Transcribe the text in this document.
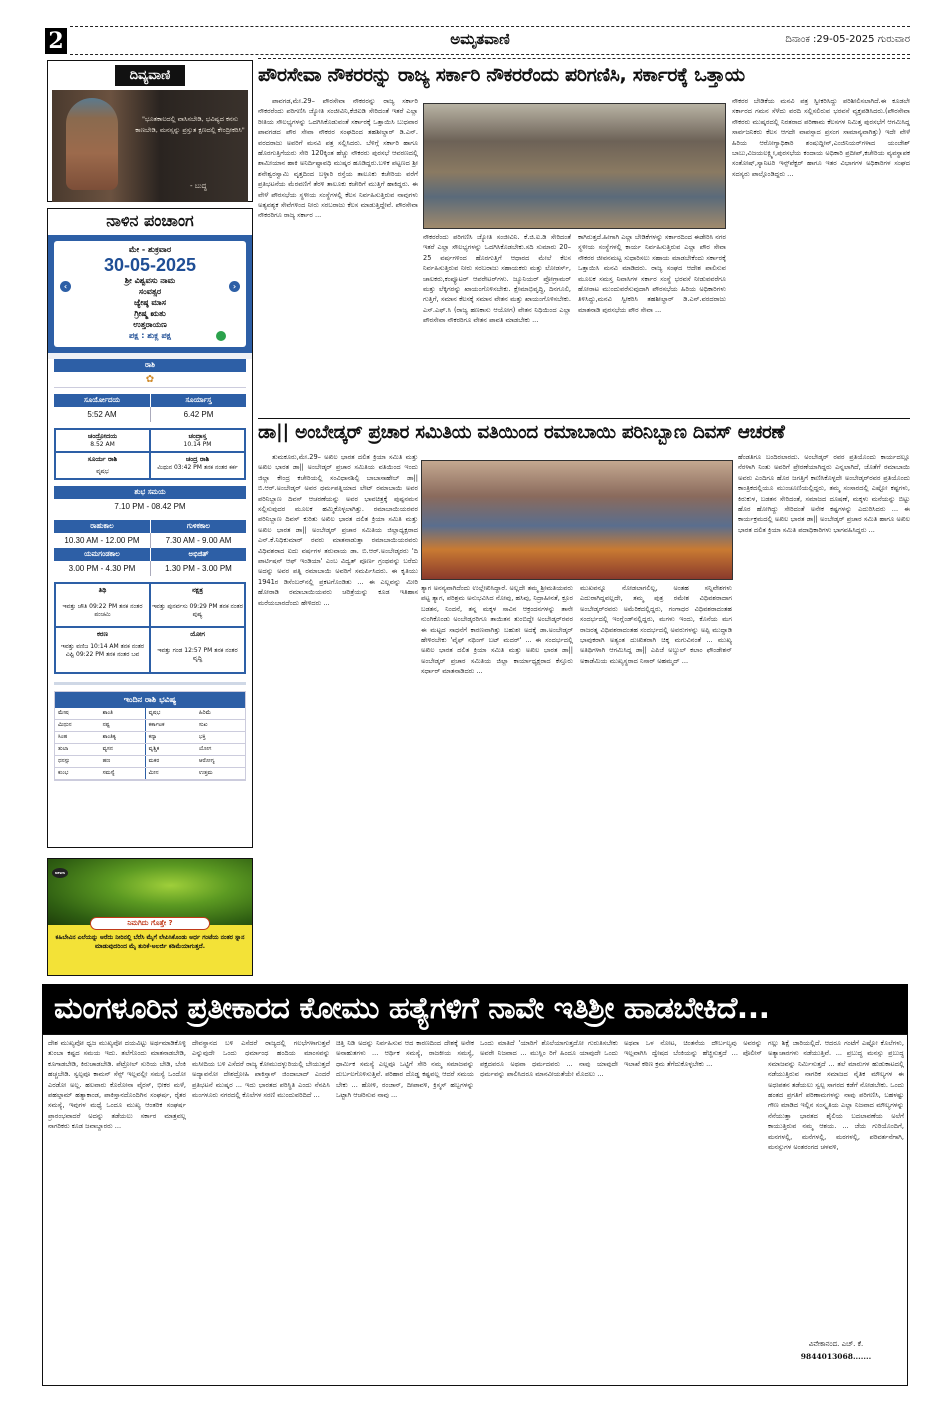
2	ಅಮೃತವಾಣಿ	ದಿನಾಂಕ :29-05-2025 ಗುರುವಾರ
ದಿವ್ಯವಾಣಿ
"ಭೂತಕಾಲದಲ್ಲಿ ವಾಸಿಸಬೇಡಿ, ಭವಿಷ್ಯದ ಕನಸು ಕಾಣಬೇಡಿ, ಮನಸ್ಸನ್ನು ಪ್ರಸ್ತುತ ಕ್ಷಣದಲ್ಲಿ ಕೇಂದ್ರೀಕರಿಸಿ"
- ಬುದ್ಧ
ನಾಳಿನ ಪಂಚಾಂಗ
ಮೇ - ಶುಕ್ರವಾರ
30-05-2025
ಶ್ರೀ ವಿಶ್ವವಸು ನಾಮ
ಸಂವತ್ಸರ
ಜ್ಯೇಷ್ಠ ಮಾಸ
ಗ್ರೀಷ್ಮ ಋತು
ಉತ್ತರಾಯಣ
ಪಕ್ಷ : ಶುಕ್ಲ ಪಕ್ಷ
‹	›
ರಾಶಿ
✿
ಸೂರ್ಯೋದಯ	ಸೂರ್ಯಾಸ್ತ
5:52 AM	6.42 PM
ಚಂದ್ರೋದಯ
8.52 AM
ಚಂದ್ರಾಸ್ತ
10.14 PM
ಸೂರ್ಯ ರಾಶಿ
ವೃಷಭ
ಚಂದ್ರ ರಾಶಿ
ಮಿಥುನ 03:42 PM ತನಕ ನಂತರ ಕರ್ಕ
ಶುಭ ಸಮಯ
7.10 PM - 08.42 PM
ರಾಹುಕಾಲ	ಗುಳಿಕಕಾಲ
10.30 AM - 12.00 PM	7.30 AM - 9.00 AM
ಯಮಗಂಡಕಾಲ	ಅಭಿಜಿತ್
3.00 PM - 4.30 PM	1.30 PM - 3.00 PM
ತಿಥಿ
ಇವತ್ತು ಚೌತಿ 09:22 PM ತನಕ ನಂತರ ಪಂಚಮಿ
ನಕ್ಷತ್ರ
ಇವತ್ತು ಪುನರ್ವಸು 09:29 PM ತನಕ ನಂತರ ಪುಷ್ಯ
ಕರಣ
ಇವತ್ತು ವಣಿಜ 10:14 AM ತನಕ ನಂತರ ವಿಷ್ಟಿ 09:22 PM ತನಕ ನಂತರ ಬವ
ಯೋಗ
ಇವತ್ತು ಗಂಡ 12:57 PM ತನಕ ನಂತರ ವೃದ್ಧಿ
ಇಂದಿನ ರಾಶಿ ಭವಿಷ್ಯ
ಮೇಷ	ಶಾಂತಿ	ವೃಷಭ	ಹಿರಿಮೆ
ಮಿಥುನ	ನಷ್ಟ	ಕರ್ಕಾಟಕ	ಸುಖ
ಸಿಂಹ	ಶಾಂತಿಕ್ಯ	ಕನ್ಯಾ	ಭಕ್ತಿ
ತುಲಾ	ವ್ಯಸನ	ವೃಶ್ಚಿಕ	ಯೋಗ
ಧನಸ್ಸು	ಹಣ	ಮಕರ	ಆರೋಗ್ಯ
ಕುಂಭ	ಸಮಸ್ಯೆ	ಮೀನ	ಉತ್ತಮ
NEWS
ನಿಮಗಿದು ಗೊತ್ತೇ ?
ಕಹಿಬೇವಿನ ಎಲೆಯನ್ನು ಅರೆದು ನೀರಿನಲ್ಲಿ ಬೆರೆಸಿ ಮೈಗೆ ಲೇಪಿಸಿಕೊಂಡು ಅರ್ಧ ಗಂಟೆಯ ನಂತರ ಸ್ನಾನ ಮಾಡುವುದರಿಂದ ಮೈ ತುರಿಕೆ-ಅಲರ್ಜಿ ಕಡಿಮೆಯಾಗುತ್ತದೆ.
ಪೌರಸೇವಾ ನೌಕರರನ್ನು ರಾಜ್ಯ ಸರ್ಕಾರಿ ನೌಕರರೆಂದು ಪರಿಗಣಿಸಿ, ಸರ್ಕಾರಕ್ಕೆ ಒತ್ತಾಯ

ಪಾವಗಡ,ಮೇ.29– ಪೌರಸೇವಾ ನೌಕರರನ್ನು ರಾಜ್ಯ ಸರ್ಕಾರಿ ನೌಕರರೆಂದು ಪರಿಗಣಿಸಿ ಜ್ಯೋತಿ ಸಂಜೀವಿನಿ,ಕೆಜಿಐಡಿ ಸೇರಿದಂತೆ ಇತರೆ ಎಲ್ಲಾ ರೀತಿಯ ಸೌಲಭ್ಯಗಳನ್ನು ಒದಗಿಸಿಕೊಡುವಂತೆ ಸರ್ಕಾರಕ್ಕೆ ಒತ್ತಾಯಿಸಿ ಬುಧವಾರ ಪಾವಗಡದ ಪೌರ ಸೇವಾ ನೌಕರರ ಸಂಘದಿಂದ ತಹಶೀಲ್ದಾರ್ ಡಿ.ಎನ್. ವರದರಾಜು ಅವರಿಗೆ ಮನವಿ ಪತ್ರ ಸಲ್ಲಿಸಿದರು. ಬೆಳಿಗ್ಗೆ ಸರ್ಕಾರಿ ಹಾಗೂ ಹೊರಗುತ್ತಿಗೆಯರು ಸೇರಿ 120ಕ್ಕಿಂತ ಹೆಚ್ಚು ನೌಕರರು ಪುರಸಭೆ ಆವರಣದಲ್ಲಿ ಶಾಮೀಯಾನ ಹಾಕಿ ಅನಿರ್ದಿಷ್ಟಾವಧಿ ಮುಷ್ಕರ ಹೂಡಿದ್ದರು.ಬಳಿಕ ಪಟ್ಟಣದ ಶ್ರೀ ಶನೇಶ್ವರಸ್ವಾಮಿ ವೃತ್ತದಿಂದ ಬಳ್ಳಾರಿ ರಸ್ತೆಯ ತಾಲೂಕು ಕಚೇರಿಯ ವರೆಗೆ ಪ್ರತಿಭಟನೆಯ ಮೆರವಣಿಗೆ ತೆರಳಿ ತಾಲೂಕು ಕಚೇರಿಗೆ ಮುತ್ತಿಗೆ ಹಾಕಿದ್ದರು. ಈ ವೇಳೆ ಪೌರಸಭೆಯ ಸ್ಥಳೀಯ ಸಂಸ್ಥೆಗಳಲ್ಲಿ ಕೆಲಸ ನಿರ್ವಹಿಸುತ್ತಿರುವ ನಾವುಗಳು ಅತ್ಯವಶ್ಯಕ ಸೇವೆಗಳಿಂದ ನೀರು ಸರಬರಾಜು ಕೆಲಸ ಮಾಡುತ್ತಿದ್ದೇವೆ. ಪೌರಸೇವಾ ನೌಕರರಿಗೂ ರಾಜ್ಯ ಸರ್ಕಾರ ...

ನೌಕರರೆಂದು ಪರಿಗಣಿಸಿ ಜ್ಯೋತಿ ಸಂಜೀವಿನಿ. ಕೆ.ಜಿ.ಐ.ಡಿ ಸೇರಿದಂತೆ ಇತರೆ ಎಲ್ಲಾ ಸೌಲಭ್ಯಗಳನ್ನು ಒದಗಿಸಿಕೊಡಬೇಕು.ಸದಿ ಸುಮಾರು 20–25 ವರ್ಷಗಳಿಂದ ಹೊರಗುತ್ತಿಗೆ ಆಧಾರದ ಮೇಲೆ ಕೆಲಸ ನಿರ್ವಹಿಸುತ್ತಿರುವ ನೀರು ಸರಬರಾಜು ಸಹಾಯಕರು ಮತ್ತು ಲೋಡರ್ಸ್, ಚಾಲಕರು,ಕಂಪ್ಯೂಟರ್ ಆಪರೇಟರ್‌ಗಳು. ಜ್ಯೂನಿಯರ್ ಪ್ರೋಗ್ರಾಮರ್ ಮತ್ತು ಲೆಕ್ಕಿಗರನ್ನು ಖಾಯಂಗೊಳಿಸಬೇಕು. ಕ್ಷೇಮಾಭಿವೃದ್ಧಿ, ದಿನಗೂಲಿ, ಗುತ್ತಿಗೆ, ಸಮಾನ ಕೆಲಸಕ್ಕೆ ಸಮಾನ ವೇತನ ಮತ್ತು ಖಾಯಂಗೊಳಿಸಬೇಕು. ಎಸ್.ಎಫ್.ಸಿ (ರಾಜ್ಯ ಹಣಕಾಸು ಆಯೋಗ) ವೇತನ ನಿಧಿಯಿಂದ ಎಲ್ಲಾ ಪೌರಸೇವಾ ನೌಕರರಿಗೂ ವೇತನ ಪಾವತಿ ಮಾಡಬೇಕು ...

ಕಾಗಿರುತ್ತದೆ.ಹೀಗಾಗಿ ಎಲ್ಲಾ ಬೇಡಿಕೆಗಳನ್ನು ಸರ್ಕಾರದಿಂದ ಈಡೇರಿಸಿ ನಗರ ಸ್ಥಳೀಯ ಸಂಸ್ಥೆಗಳಲ್ಲಿ ಕಾರ್ಯ ನಿರ್ವಹಿಸುತ್ತಿರುವ ಎಲ್ಲಾ ಪೌರ ಸೇವಾ ನೌಕರರ ಜೀವನಮಟ್ಟ ಸುಧಾರಿಸಲು ಸಹಾಯ ಮಾಡಬೇಕೆಂದು ಸರ್ಕಾರಕ್ಕೆ ಒತ್ತಾಯಿಸಿ ಮನವಿ ಮಾಡಿದರು. ರಾಜ್ಯ ಸಂಘದ ಆದೇಶ ಪಾಲಿಸುವ ಮೂಲಕ ಸಮಸ್ತ ನಿವಾಸಿಗಳ ಸರ್ಕಾರ ಸಂಸ್ಥೆ ಭರವಸೆ ನೀಡುವವರೆಗೂ ಹೋರಾಟ ಮುಂದುವರೆಸುವುದಾಗಿ ಪೌರಸಭೆಯ ಹಿರಿಯ ಅಧಿಕಾರಿಗಳು ತಿಳಿಸಿದ್ದು,ಮನವಿ ಸ್ವೀಕರಿಸಿ ತಹಶೀಲ್ದಾರ್ ಡಿ.ಎನ್.ವರದರಾಜು ಮಾತನಾಡಿ ಪುರಸಭೆಯ ಪೌರ ಸೇವಾ ...

ನೌಕರರ ಬೇಡಿಕೆಯ ಮನವಿ ಪತ್ರ ಸ್ವೀಕರಿಸಿದ್ದು ಪರಿಶೀಲಿಸಲಾಗಿದೆ.ಈ ಕೂಡಲೇ ಸರ್ಕಾರದ ಗಮನ ಸೆಳೆದು ವರದಿ ಸಲ್ಲಿಸಲಿರುವ ಭರವಸೆ ವ್ಯಕ್ತಪಡಿಸಿದರು.(ಪೌರಸೇವಾ ನೌಕರರು ಮುಷ್ಕರದಲ್ಲಿ ನಿರತರಾದ ಪರಿಣಾಮ ಕೆಲಸಗಳ ನಿಮಿತ್ತ ಪುರಸಭೆಗೆ ಆಗಮಿಸಿದ್ದ ಸಾರ್ವಜನಿಕರು ಕೆಲಸ ಆಗದೇ ವಾಪಸ್ಸಾದ ಪ್ರಸಂಗ ಸಾಮಾನ್ಯವಾಗಿತ್ತು) ಇದೇ ವೇಳೆ ಹಿರಿಯ ಆರೋಗ್ಯಾಧಿಕಾರಿ ಶಂಷುದ್ದೀನ್,ಎಂಜಿನಿಯರ್‌ಗಳಾದ ಯಂಜೇಶ್ ಬಾಬು,ವಿಜಯಲಕ್ಷ್ಮೀ,ಪುರಸಭೆಯ ಕಂದಾಯ ಅಧಿಕಾರಿ ಪ್ರದೀಪ್,ಕಚೇರಿಯ ವ್ಯವಸ್ಥಾಪಕ ಸಂತೋಷ್,ಸ್ಯಾನಿಟರಿ ಇನ್ಸ್‌ಪೆಕ್ಟರ್ ಹಾಗೂ ಇತರ ವಿಭಾಗಗಳ ಅಧಿಕಾರಿಗಳ ಸಂಘದ ಸದಸ್ಯರು ಪಾಲ್ಗೊಂಡಿದ್ದರು ...

ಡಾ|| ಅಂಬೇಡ್ಕರ್ ಪ್ರಚಾರ ಸಮಿತಿಯ ವತಿಯಿಂದ ರಮಾಬಾಯಿ ಪರಿನಿಬ್ಬಾಣ ದಿವಸ್ ಆಚರಣೆ

ತುಮಕೂರು,ಮೇ.29– ಅಖಿಲ ಭಾರತ ದಲಿತ ಕ್ರಿಯಾ ಸಮಿತಿ ಮತ್ತು ಅಖಿಲ ಭಾರತ ಡಾ|| ಅಂಬೇಡ್ಕರ್ ಪ್ರಚಾರ ಸಮಿತಿಯ ವತಿಯಿಂದ ಇಂದು ಜಿಲ್ಲಾ ಕೇಂದ್ರ ಕಚೇರಿಯಲ್ಲಿ ಸಂವಿಧಾನಶಿಲ್ಪಿ ಬಾಬಾಸಾಹೇಬ್ ಡಾ|| ಬಿ.ಆರ್.ಅಂಬೇಡ್ಕರ್ ಅವರ ಧರ್ಮಪತ್ನಿಯಾದ ಲೇಟ್ ರಮಾಬಾಯಿ ಅವರ ಪರಿನಿಬ್ಬಾಣ ದಿವಸ್ ಆಚರಣೆಯನ್ನು ಅವರ ಭಾವಚಿತ್ರಕ್ಕೆ ಪುಷ್ಪನಮನ ಸಲ್ಲಿಸುವುದರ ಮೂಲಕ ಹಮ್ಮಿಕೊಳ್ಳಲಾಗಿತ್ತು. ರಮಾಬಾಯಿಯರವರ ಪರಿನಿಬ್ಬಾಣ ದಿವಸ್ ಕುರಿತು ಅಖಿಲ ಭಾರತ ದಲಿತ ಕ್ರಿಯಾ ಸಮಿತಿ ಮತ್ತು ಅಖಿಲ ಭಾರತ ಡಾ|| ಅಂಬೇಡ್ಕರ್ ಪ್ರಚಾರ ಸಮಿತಿಯ ಜಿಲ್ಲಾಧ್ಯಕ್ಷರಾದ ಎನ್.ಕೆ.ನಿಧಿಕುಮಾರ್ ರವರು ಮಾತನಾಡುತ್ತಾ ರಮಾಬಾಯಿಯರವರು ವಿಧಿವಶರಾದ ಐದು ವರ್ಷಗಳ ತರುವಾಯ ಡಾ. ಬಿ.ಆರ್.ಅಂಬೇಡ್ಕರರು 'ದಿ ಪಾರ್ಟಿಷನ್ ಆಫ್ ಇಂಡಿಯಾ' ಎಂಬ ವಿದ್ವತ್ ಪೂರ್ಣ ಗ್ರಂಥವನ್ನು ಬರೆದು ಅದನ್ನು ಅವರ ಪತ್ನಿ ರಮಾಬಾಯಿ ಅವರಿಗೆ ಸಮರ್ಪಿಸಿದರು. ಈ ಕೃತಿಯು 1941ರ ಡಿಸೆಂಬರ್‌ನಲ್ಲಿ ಪ್ರಕಟಗೊಂಡಿತು ... ಈ ಎಲ್ಲವನ್ನು ಮೀರಿ ಹೋರಾಡಿ ರಮಾಬಾಯಿಯವರು ಚರಿತ್ರೆಯನ್ನು ಕೂಡ ಇತಿಹಾಸ ಮರೆಯಬಾರದೆಂದು ಹೇಳಿದರು ...

ತ್ಯಾಗ ಅನನ್ಯವಾಗಿದೆಂದು ಉಲ್ಲೇಖಿಸಿದ್ದಾರೆ. ಅಲ್ಲದೇ ತಮ್ಮ ಶ್ರೀಮತಿಯವರು ಪಟ್ಟ ತ್ಯಾಗ, ಪರಿಶ್ರಮ ಅನುಭವಿಸಿದ ನೋವು, ಹಸಿವು, ನಿದ್ರಾಹೀನತೆ, ಕ್ರೂರ ಬಡತನ, ನಿಂದನೆ, ತನ್ನ ಮಕ್ಕಳ ಸಾವಿನ ಆಕ್ರಂದನಗಳನ್ನು ತಾನೇ ನುಂಗಿಕೊಂಡು ಅಂಬೇಡ್ಕರರಿಗೂ ತಾಯಿತನ ತುಂಬಿದ್ದೇ ಅಂಬೇಡ್ಕರ್‌ರವರ ಈ ಮಟ್ಟದ ಸಾಧನೆಗೆ ಕಾರಣವಾಗಿತ್ತು ಬಹುಶಃ ಅದಕ್ಕೆ ಡಾ.ಅಂಬೇಡ್ಕರ್ ಹೇಳಿರಬೇಕು 'ವೈಫ್ ನಥಿಂಗ್ ಬಟ್ ಮದರ್' ... ಈ ಸಂದರ್ಭದಲ್ಲಿ ಅಖಿಲ ಭಾರತ ದಲಿತ ಕ್ರಿಯಾ ಸಮಿತಿ ಮತ್ತು ಅಖಿಲ ಭಾರತ ಡಾ|| ಅಂಬೇಡ್ಕರ್ ಪ್ರಚಾರ ಸಮಿತಿಯ ಜಿಲ್ಲಾ ಕಾರ್ಯಾಧ್ಯಕ್ಷರಾದ ಕೆಸ್ತೂರು ಸರ್ಧಾರ್ ಮಾತನಾಡಿದರು ...

ಮುಖವನ್ನೂ ನೋಡಲಾಗಲಿಲ್ಲ, ಅಂತಹ ಸನ್ನಿವೇಶಗಳು ಎದುರಾಗಿದ್ದವಲ್ಲದೇ, ತಮ್ಮ ಪುತ್ರ ರಮೇಶ ವಿಧಿವಶರಾದಾಗ ಅಂಬೇಡ್ಕರ್‌ರವರು ಅಮೆರಿಕದಲ್ಲಿದ್ದರು, ಗಂಗಾಧರ ವಿಧಿವಶರಾದಂತಹ ಸಂದರ್ಭದಲ್ಲಿ ಇಂಗ್ಲೆಂಡ್‌ನಲ್ಲಿದ್ದರು, ಮಗಳು ಇಂದು, ಕೊನೆಯ ಮಗ ರಾಜರತ್ನ ವಿಧಿವಶರಾದಂತಹ ಸಂದರ್ಭದಲ್ಲಿ ಅವರುಗಳನ್ನು ಅಪ್ಪಿ ಮುದ್ದಾಡಿ ಭಾವುಕರಾಗಿ ಅತ್ಯಂತ ದುಃಖಿತರಾಗಿ ಚಿಕ್ಕ ಮಗುವಿನಂತೆ ... ಮುಖ್ಯ ಅತಿಥಿಗಳಾಗಿ ಆಗಮಿಸಿದ್ದ ಡಾ|| ಎಪಿಜೆ ಅಬ್ದುಲ್ ಕಲಾಂ ಫೌಂಡೇಶನ್ ಅಕಾಡೆಮಿಯ ಮುಖ್ಯಸ್ಥರಾದ ನಿಸಾರ್ ಅಹಮ್ಮದ್ ...

ಹೆಂಡತಿಗೂ ಬಂದಿರಲಾರದು. ಅಂಬೇಡ್ಕರ್ ರವರ ಪ್ರತಿಯೊಂದು ಕಾರ್ಯದಲ್ಲೂ ನೆರಳಾಗಿ ನಿಂತು ಅವರಿಗೆ ಪ್ರೇರಣೆಯಾಗಿದ್ದರು ಎನ್ನಲಾಗಿದೆ, ಜೊತೆಗೆ ರಮಾಬಾಯಿ ಅವರು ಎಂದಿಗೂ ಹೊರ ಜಗತ್ತಿಗೆ ಕಾಣಿಸಿಕೊಳ್ಳದೇ ಅಂಬೇಡ್ಕರ್‌ರವರ ಪ್ರತಿಯೊಂದು ಕಾಂತ್ರಿಕದಲ್ಲಿಯೂ ಮುಂಚೂಣಿಯಲ್ಲಿದ್ದರು, ತಮ್ಮ ಸಂಸಾರದಲ್ಲಿ ಎಷ್ಟೋ ಕಷ್ಟಗಳು, ಕಿರುಕುಳ, ಬಡತನ ಸೇರಿದಂತೆ, ಸಮಾಜದ ದೂಷಣೆ, ಮಕ್ಕಳು ಮನೆಯನ್ನು ಬಿಟ್ಟು ಹೊರ ಹೋಗಿದ್ದು ಸೇರಿದಂತೆ ಅನೇಕ ಕಷ್ಟಗಳನ್ನು ಎದುರಿಸಿದರು ... ಈ ಕಾರ್ಯಕ್ರಮದಲ್ಲಿ ಅಖಿಲ ಭಾರತ ಡಾ|| ಅಂಬೇಡ್ಕರ್ ಪ್ರಚಾರ ಸಮಿತಿ ಹಾಗೂ ಅಖಿಲ ಭಾರತ ದಲಿತ ಕ್ರಿಯಾ ಸಮಿತಿ ಪದಾಧಿಕಾರಿಗಳು ಭಾಗವಹಿಸಿದ್ದರು ...

ಮಂಗಳೂರಿನ ಪ್ರತೀಕಾರದ ಕೋಮು ಹತ್ಯೆಗಳಿಗೆ ನಾವೇ ಇತಿಶ್ರೀ ಹಾಡಬೇಕಿದೆ...

ದೇಶ ಮುಖ್ಯವೋ ಧ್ವಜ ಮುಖ್ಯವೋ ದಯವಿಟ್ಟು ಅರ್ಥಮಾಡಿಕೊಳ್ಳಿ ತುಂಬಾ ಕಷ್ಟದ ಸಮಯ ಇದು. ತಲೆಗೊಂದು ಮಾತನಾಡಬೇಡಿ, ಕೂಗಾಡಬೇಡಿ, ಕಿರುಚಾಡಬೇಡಿ. ಪೆಟ್ರೋಲ್ ಸುರಿಯ ಬೇಡಿ, ಬೆಂಕಿ ಹಚ್ಚಬೇಡಿ. ಸ್ವಲ್ಪವೂ ಕಾಮನ್ ಸೆನ್ಸ್ ಇಲ್ಲವಲ್ಲೀ ಸಮಸ್ಯೆ ಒಂದೋ ಎರಡೋ ಅಲ್ಲ. ಹಲವಾರು ಕೊರೋನಾ ವೈರಸ್, ಭೀಕರ ಮಳೆ, ಪಹಲ್ಗಾಮ್ ಹತ್ಯಾಕಾಂಡ, ಪಾಕಿಸ್ತಾನದೊಂದಿಗಿನ ಸಂಘರ್ಷ, ರೈತರ ಸಮಸ್ಯೆ, ಇವುಗಳ ಮಧ್ಯೆ ಒಂದೂ ಮುಖ್ಯ ಆಂತರಿಕ ಸಂಘರ್ಷ ಪ್ರಾರಂಭವಾದರೆ ಅದನ್ನು ತಡೆಯಲು ಸರ್ಕಾರ ಮಾತ್ರವಲ್ಲ ನಾಗರಿಕರು ಕೂಡ ಜವಾಬ್ದಾರರು ...

ದೇವಸ್ಥಾನದ ಬಳಿ ಎಸೆದರೆ ರಾಜ್ಯದಲ್ಲಿ ಗಲಭೆಗಳಾಗುತ್ತವೆ ಎನ್ನುವುದೇ ಒಂದು ಧರ್ಮಾಂಧ ಹಂದಿಯ ಮಾಂಸವನ್ನು ಮಸೀದಿಯ ಬಳಿ ಎಸೆದರೆ ರಾಜ್ಯ ಕೋಮುದಳ್ಳುರಿಯಲ್ಲಿ ಬೇಯುತ್ತದೆ ಅದ್ಯಾವನೋ ದೇಶದ್ರೋಹಿ ಪಾಕಿಸ್ತಾನ್ ಜಿಂದಾಬಾದ್ ಎಂದರೆ ಪ್ರತಿಭಟನೆ ಮುಷ್ಕರ ... ಇದು ಭಾರತದ ಪರಿಸ್ಥಿತಿ ಎಂದು ನೆನಪಿಸಿ ಮಂಗಳೂರು ನಗರದಲ್ಲಿ ಕೊಲೆಗಳ ಸರಣಿ ಮುಂದುವರಿದಿದೆ ...

ಚಿತ್ತಿ ನಿಡಿ ಅದನ್ನು ನಿರ್ವಹಿಸುವ ಆದ ಕಾರಣದಿಂದ ದೇಶಕ್ಕೆ ಅನೇಕ ಅನಾಹುತಗಳು ... ಆರ್ಥಿಕ ಸಮಸ್ಯೆ, ರಾಜಕೀಯ ಸಮಸ್ಯೆ, ಧಾರ್ಮಿಕ ಸಮಸ್ಯೆ ಎಲ್ಲವೂ ಒಟ್ಟಿಗೆ ಸೇರಿ ನಮ್ಮ ಸಮಾಜವನ್ನು ದುರ್ಬಲಗೊಳಿಸುತ್ತಿವೆ. ಪರಿಹಾರ ದೊಡ್ಡ ಕಷ್ಟವಲ್ಲ ಆದರೆ ಸಮಯ ಬೇಕು ... ಹೋಳಿ, ರಂಜಾನ್, ದೀಪಾವಳಿ, ಕ್ರಿಸ್ಮಸ್ ಹಬ್ಬಗಳನ್ನು ಒಟ್ಟಾಗಿ ಆಚರಿಸುವ ನಾವು ...

ಒಂದು ಮಾತಿದೆ 'ಯಾರಿಗೆ ಶೊಲೆಯಾಗುತ್ತದೋ ಗುರುತಿಸಬೇಕು ಅವರೇ ನಿಜವಾದ ... ಮುಸ್ಲಿಂ ರಿಗೆ ಹಿಂದೂ ಯಾವುದೇ ಒಂದು ಪಕ್ಷದವರೂ ಅಥವಾ ಧರ್ಮದವರು ... ನಾವು ಯಾವುದೇ ಧರ್ಮವನ್ನು ಪಾಲಿಸಿದರೂ ಮಾನವೀಯತೆಯೇ ಮೊದಲು ...

ಅಥವಾ ಒಳ ನೋಟ, ಚಿಂತನೆಯ ದೌರ್ಬಲ್ಯವು ಅವರನ್ನು ಇಲ್ಲವಾಗಿಸಿ ದ್ವೇಷದ ಬೆಂಕಿಯನ್ನು ಹೆಚ್ಚಿಸುತ್ತದೆ ... ಪೊಲೀಸ್ ಇಲಾಖೆ ಕಠಿಣ ಕ್ರಮ ತೆಗೆದುಕೊಳ್ಳಬೇಕು ...

ಗಲ್ಲು ಶಿಕ್ಷೆ ಜಾರಿಯಲ್ಲಿದೆ. ಆದರೂ ಗಂಟೆಗೆ ಎಷ್ಟೋ ಕೊಲೆಗಳು, ಅತ್ಯಾಚಾರಗಳು ನಡೆಯುತ್ತಿವೆ. ... ಪ್ರಬುದ್ಧ ಮನಸ್ಸು ಪ್ರಬುದ್ಧ ಸಮಾಜವನ್ನು ನಿರ್ಮಿಸುತ್ತದೆ ... ತಲೆ ಮಾರುಗಳ ಹುಡುಕಾಟದಲ್ಲಿ ನಡೆಯುತ್ತಿರುವ ನಾಗರಿಕ ಸಮಾಜದ ನೈತಿಕ ಮೌಲ್ಯಗಳ ಈ ಅಧಃಪತನ ತಡೆಯಲು ಸ್ವಲ್ಪ ಸಾಗರದ ಕಡೆಗೆ ನೋಡಬೇಕು. ಒಂದು ಹಂತದ ಪ್ರಗತಿಗೆ ಪರಿಣಾಮಗಳನ್ನು ನಾವು ಪರಿಗಣಿಸಿ, ಬಹಳಷ್ಟು ಗೌಣ ಮಾಡಿದ ಇಲ್ಲಿನ ಸಂಸ್ಕೃತಿಯ ಎಲ್ಲಾ ನಿಜವಾದ ಮೌಲ್ಯಗಳನ್ನು ನೆನೆಯುತ್ತಾ ಭಾರತದ ಶೈಲಿಯ ಬದಲಾವಣೆಯ ಅಲೆಗೆ ಕಾಯುತ್ತಿರುವ ನಮ್ಮ ಆಶಯ. ... ಜೆಯ ಗುರಿಯೊಂದಿಗೆ, ಮನಗಳಲ್ಲಿ, ಮನೆಗಳಲ್ಲಿ, ಮಠಗಳಲ್ಲಿ, ಪರಿವರ್ತನೆಗಾಗಿ, ಮನಸ್ಸುಗಳ ಅಂತರಂಗದ ಚಳವಳಿ,

ವಿವೇಕಾನಂದ. ಎಚ್. ಕೆ.
9844013068.......
